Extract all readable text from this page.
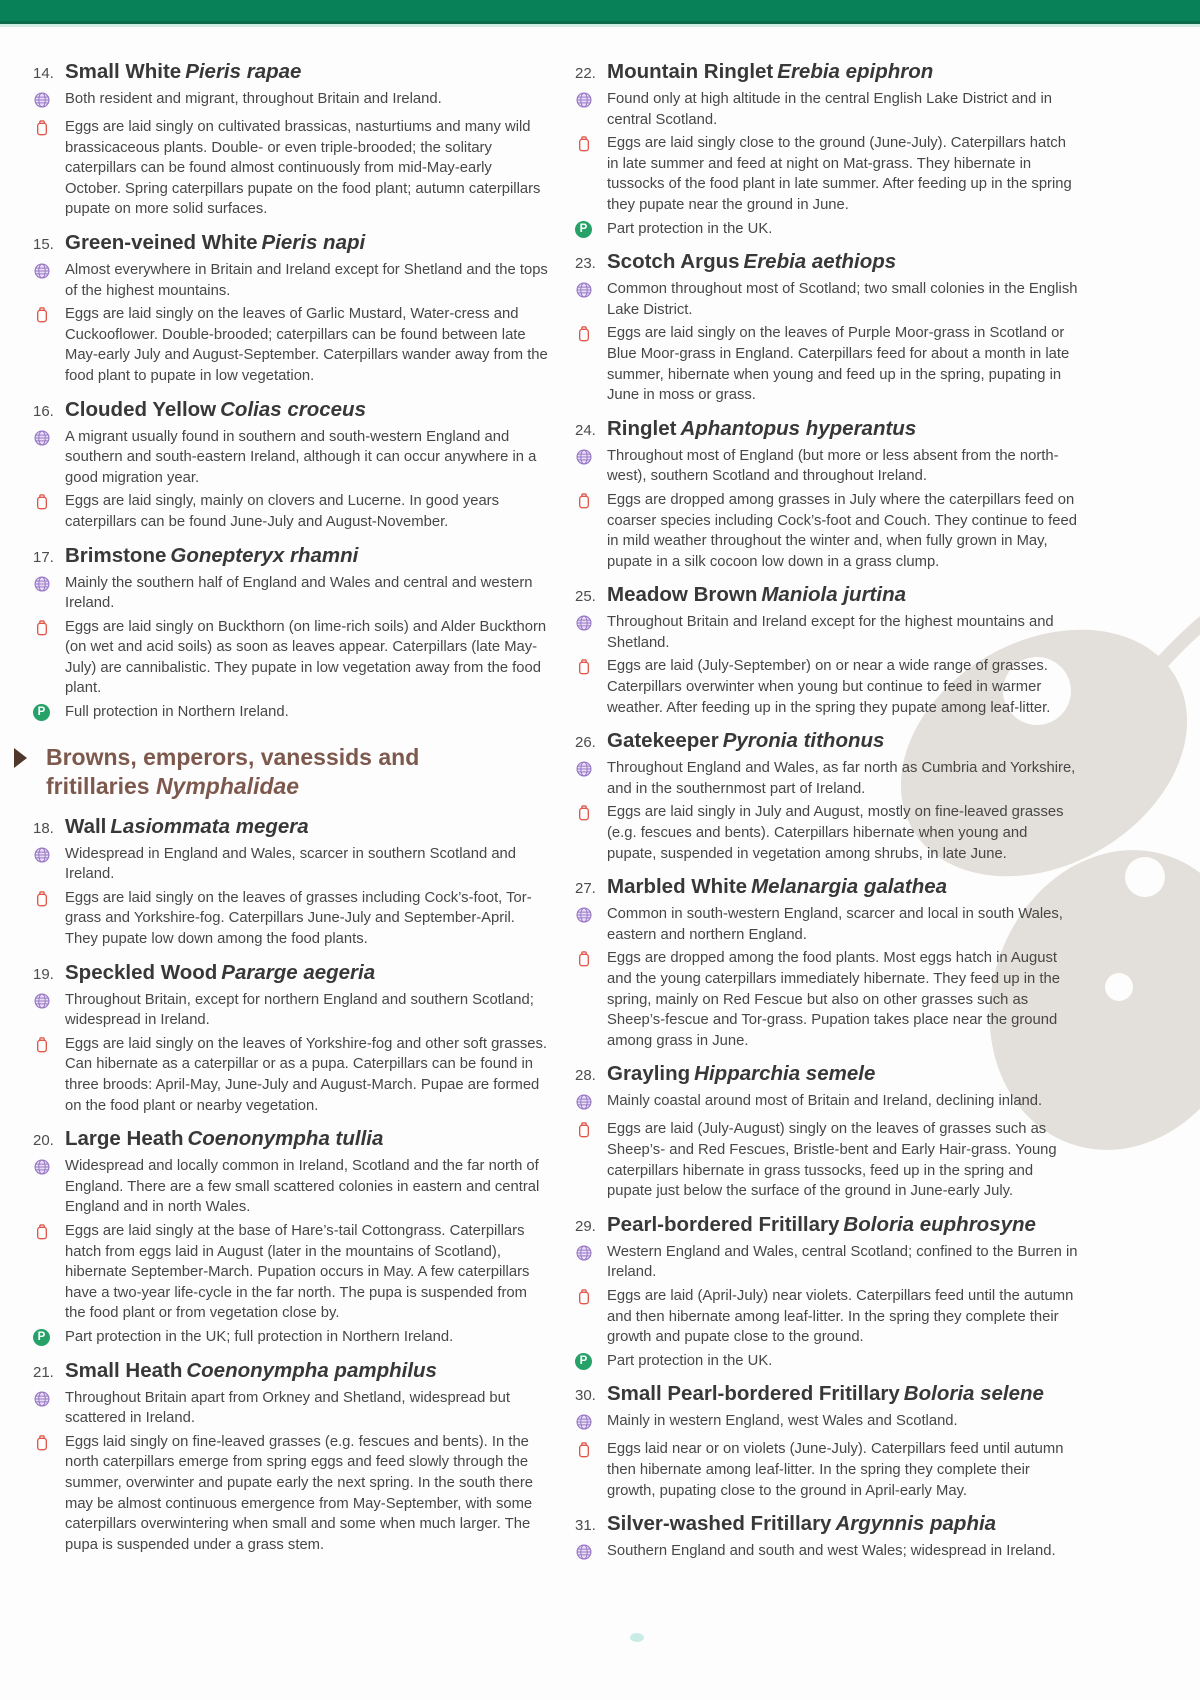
14. Small White Pieris rapae

Both resident and migrant, throughout Britain and Ireland.

Eggs are laid singly on cultivated brassicas, nasturtiums and many wild brassicaceous plants. Double- or even triple-brooded; the solitary caterpillars can be found almost continuously from mid-May-early October. Spring caterpillars pupate on the food plant; autumn caterpillars pupate on more solid surfaces.

15. Green-veined White Pieris napi

Almost everywhere in Britain and Ireland except for Shetland and the tops of the highest mountains.

Eggs are laid singly on the leaves of Garlic Mustard, Water-cress and Cuckooflower. Double-brooded; caterpillars can be found between late May-early July and August-September. Caterpillars wander away from the food plant to pupate in low vegetation.

16. Clouded Yellow Colias croceus

A migrant usually found in southern and south-western England and southern and south-eastern Ireland, although it can occur anywhere in a good migration year.

Eggs are laid singly, mainly on clovers and Lucerne. In good years caterpillars can be found June-July and August-November.

17. Brimstone Gonepteryx rhamni

Mainly the southern half of England and Wales and central and western Ireland.

Eggs are laid singly on Buckthorn (on lime-rich soils) and Alder Buckthorn (on wet and acid soils) as soon as leaves appear. Caterpillars (late May-July) are cannibalistic. They pupate in low vegetation away from the food plant.

P	Full protection in Northern Ireland.

Browns, emperors, vanessids and fritillaries Nymphalidae
18. Wall Lasiommata megera

Widespread in England and Wales, scarcer in southern Scotland and Ireland.

Eggs are laid singly on the leaves of grasses including Cock’s-foot, Tor-grass and Yorkshire-fog. Caterpillars June-July and September-April. They pupate low down among the food plants.

19. Speckled Wood Pararge aegeria

Throughout Britain, except for northern England and southern Scotland; widespread in Ireland.

Eggs are laid singly on the leaves of Yorkshire-fog and other soft grasses. Can hibernate as a caterpillar or as a pupa. Caterpillars can be found in three broods: April-May, June-July and August-March. Pupae are formed on the food plant or nearby vegetation.

20. Large Heath Coenonympha tullia

Widespread and locally common in Ireland, Scotland and the far north of England. There are a few small scattered colonies in eastern and central England and in north Wales.

Eggs are laid singly at the base of Hare’s-tail Cottongrass. Caterpillars hatch from eggs laid in August (later in the mountains of Scotland), hibernate September-March. Pupation occurs in May. A few caterpillars have a two-year life-cycle in the far north. The pupa is suspended from the food plant or from vegetation close by.

P	Part protection in the UK; full protection in Northern Ireland.

21. Small Heath Coenonympha pamphilus

Throughout Britain apart from Orkney and Shetland, widespread but scattered in Ireland.

Eggs laid singly on fine-leaved grasses (e.g. fescues and bents). In the north caterpillars emerge from spring eggs and feed slowly through the summer, overwinter and pupate early the next spring. In the south there may be almost continuous emergence from May-September, with some caterpillars overwintering when small and some when much larger. The pupa is suspended under a grass stem.

22. Mountain Ringlet Erebia epiphron

Found only at high altitude in the central English Lake District and in central Scotland.

Eggs are laid singly close to the ground (June-July). Caterpillars hatch in late summer and feed at night on Mat-grass. They hibernate in tussocks of the food plant in late summer. After feeding up in the spring they pupate near the ground in June.

P	Part protection in the UK.

23. Scotch Argus Erebia aethiops

Common throughout most of Scotland; two small colonies in the English Lake District.

Eggs are laid singly on the leaves of Purple Moor-grass in Scotland or Blue Moor-grass in England. Caterpillars feed for about a month in late summer, hibernate when young and feed up in the spring, pupating in June in moss or grass.

24. Ringlet Aphantopus hyperantus

Throughout most of England (but more or less absent from the north-west), southern Scotland and throughout Ireland.

Eggs are dropped among grasses in July where the caterpillars feed on coarser species including Cock’s-foot and Couch. They continue to feed in mild weather throughout the winter and, when fully grown in May, pupate in a silk cocoon low down in a grass clump.

25. Meadow Brown Maniola jurtina

Throughout Britain and Ireland except for the highest mountains and Shetland.

Eggs are laid (July-September) on or near a wide range of grasses. Caterpillars overwinter when young but continue to feed in warmer weather. After feeding up in the spring they pupate among leaf-litter.

26. Gatekeeper Pyronia tithonus

Throughout England and Wales, as far north as Cumbria and Yorkshire, and in the southernmost part of Ireland.

Eggs are laid singly in July and August, mostly on fine-leaved grasses (e.g. fescues and bents). Caterpillars hibernate when young and pupate, suspended in vegetation among shrubs, in late June.

27. Marbled White Melanargia galathea

Common in south-western England, scarcer and local in south Wales, eastern and northern England.

Eggs are dropped among the food plants. Most eggs hatch in August and the young caterpillars immediately hibernate. They feed up in the spring, mainly on Red Fescue but also on other grasses such as Sheep’s-fescue and Tor-grass. Pupation takes place near the ground among grass in June.

28. Grayling Hipparchia semele

Mainly coastal around most of Britain and Ireland, declining inland.

Eggs are laid (July-August) singly on the leaves of grasses such as Sheep’s- and Red Fescues, Bristle-bent and Early Hair-grass. Young caterpillars hibernate in grass tussocks, feed up in the spring and pupate just below the surface of the ground in June-early July.

29. Pearl-bordered Fritillary Boloria euphrosyne

Western England and Wales, central Scotland; confined to the Burren in Ireland.

Eggs are laid (April-July) near violets. Caterpillars feed until the autumn and then hibernate among leaf-litter. In the spring they complete their growth and pupate close to the ground.

P	Part protection in the UK.

30. Small Pearl-bordered Fritillary Boloria selene

Mainly in western England, west Wales and Scotland.

Eggs laid near or on violets (June-July). Caterpillars feed until autumn then hibernate among leaf-litter. In the spring they complete their growth, pupating close to the ground in April-early May.

31. Silver-washed Fritillary Argynnis paphia

Southern England and south and west Wales; widespread in Ireland.
